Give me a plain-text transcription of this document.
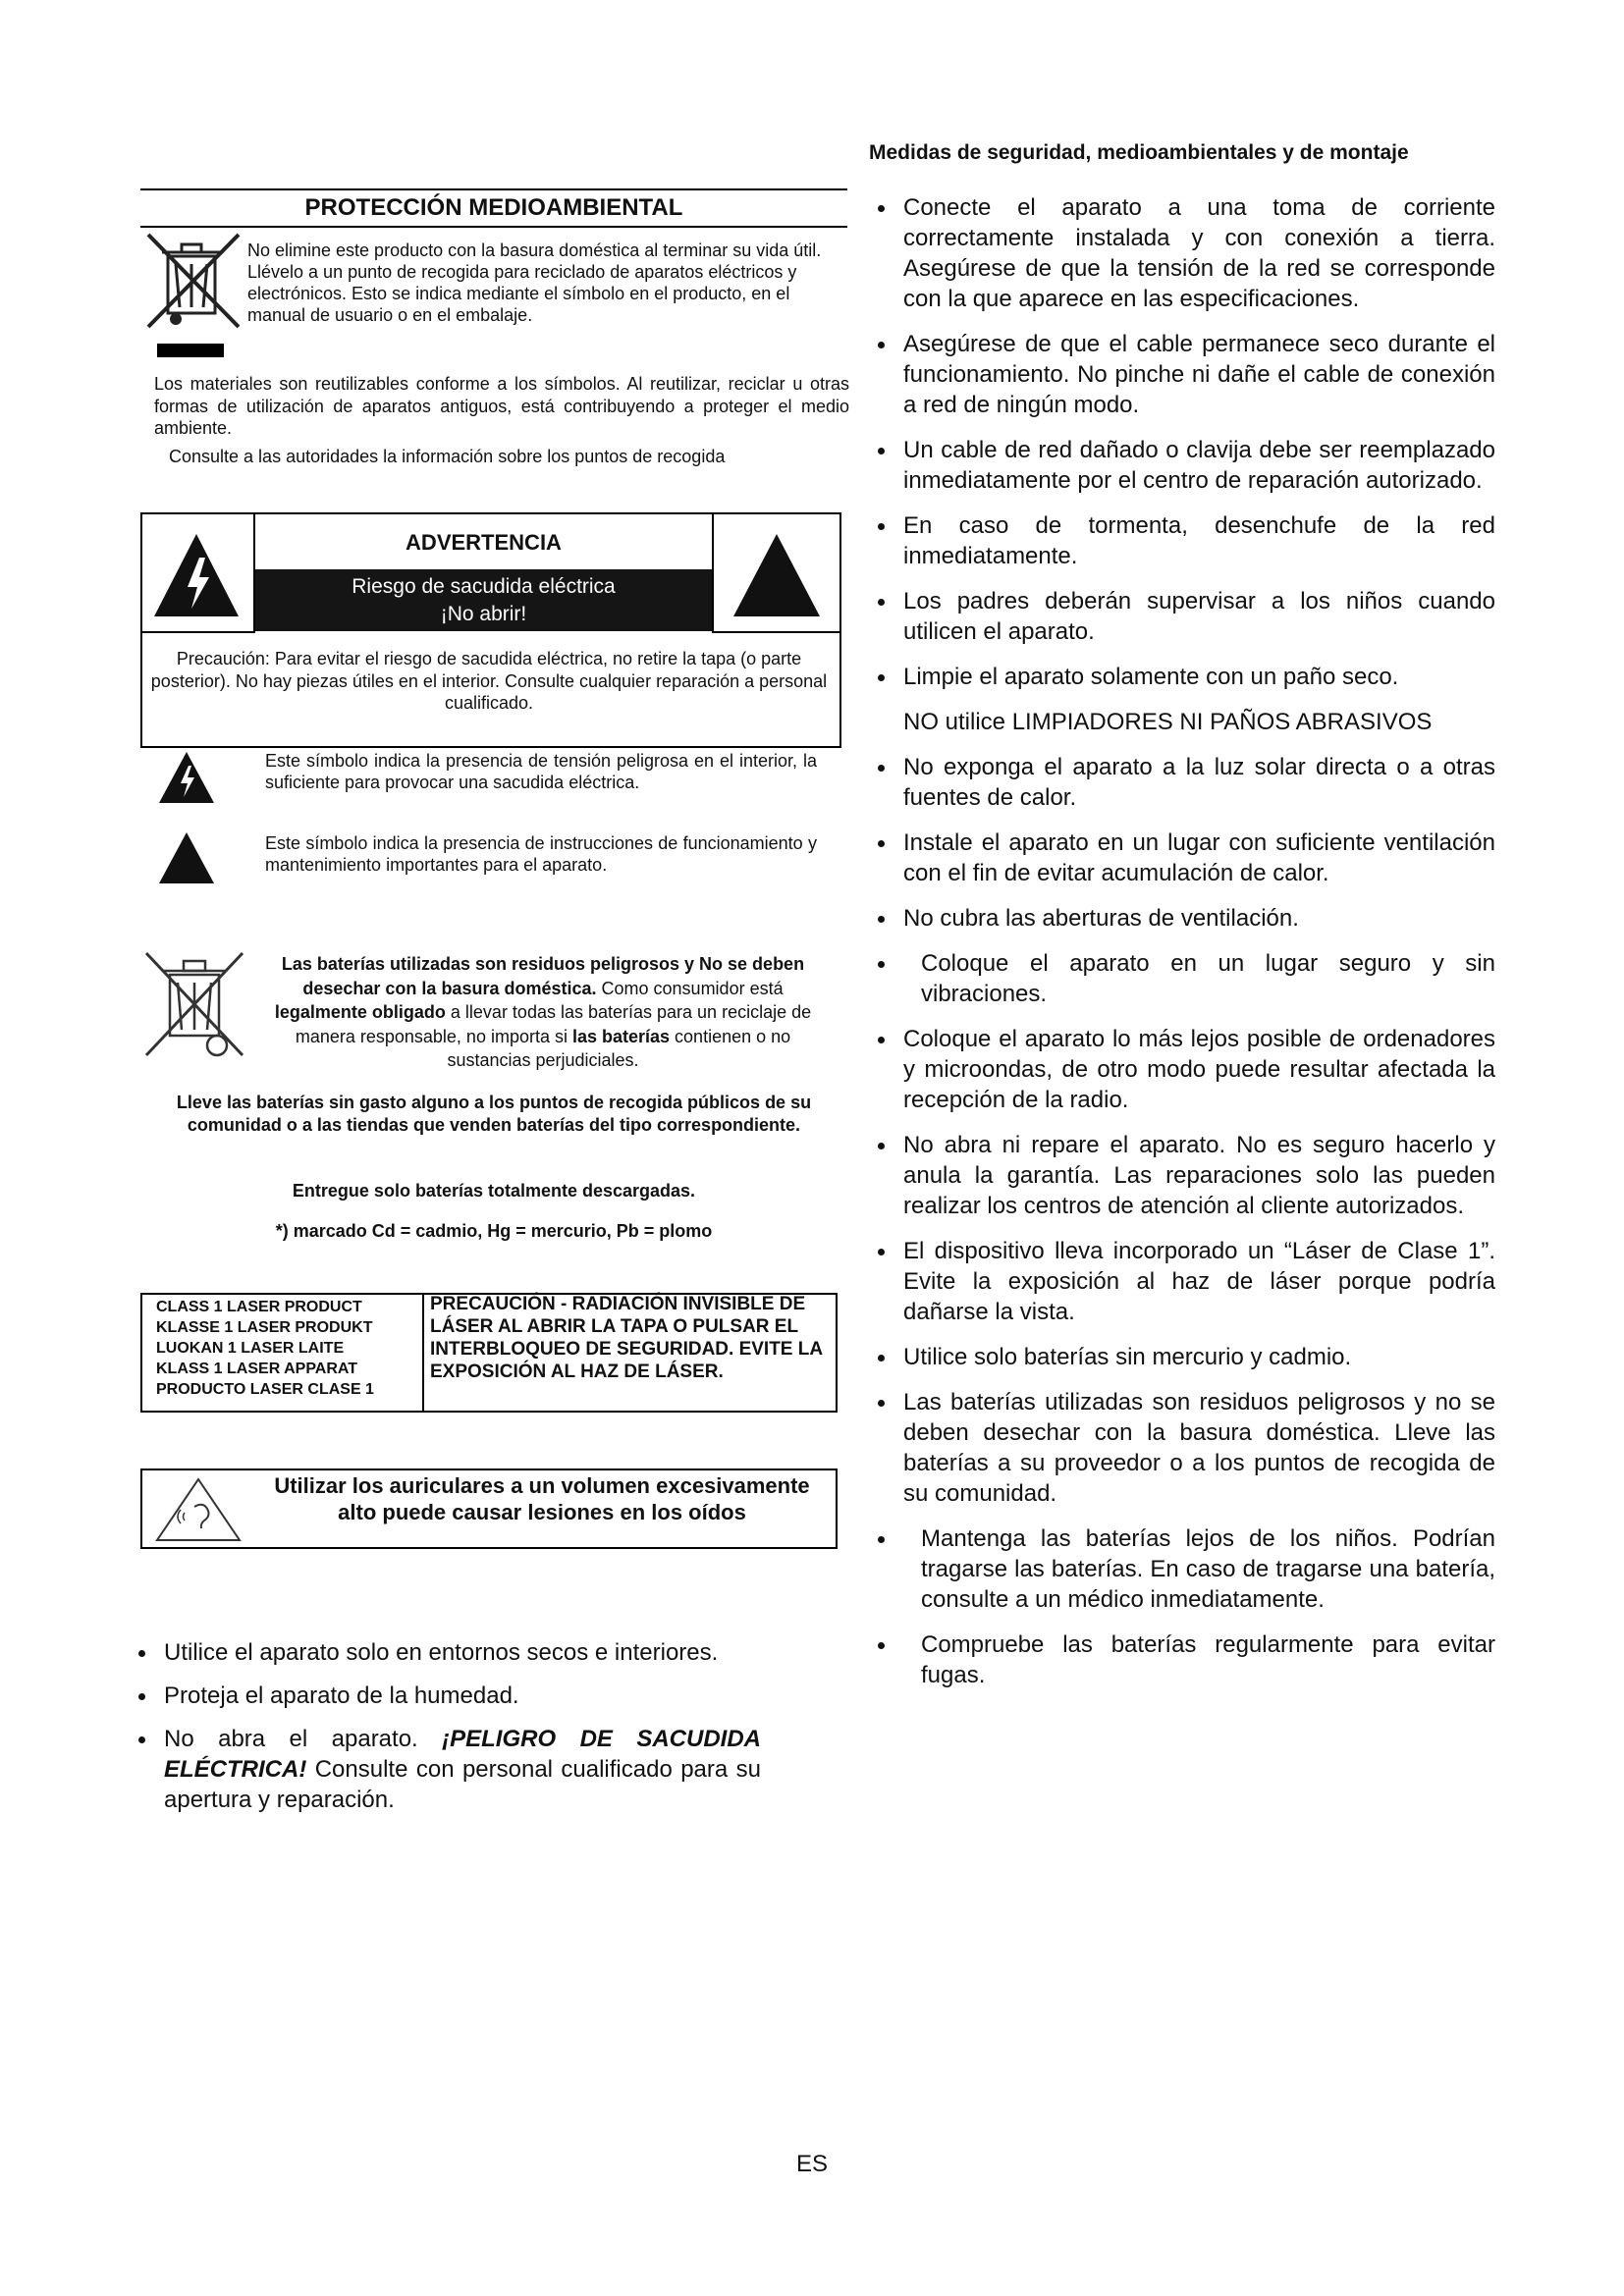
PROTECCIÓN MEDIOAMBIENTAL
No elimine este producto con la basura doméstica al terminar su vida útil. Llévelo a un punto de recogida para reciclado de aparatos eléctricos y electrónicos. Esto se indica mediante el símbolo en el producto, en el manual de usuario o en el embalaje.
Los materiales son reutilizables conforme a los símbolos. Al reutilizar, reciclar u otras formas de utilización de aparatos antiguos, está contribuyendo a proteger el medio ambiente.
Consulte a las autoridades la información sobre los puntos de recogida
ADVERTENCIA
Riesgo de sacudida eléctrica
¡No abrir!
Precaución: Para evitar el riesgo de sacudida eléctrica, no retire la tapa (o parte posterior). No hay piezas útiles en el interior. Consulte cualquier reparación a personal cualificado.
Este símbolo indica la presencia de tensión peligrosa en el interior, la suficiente para provocar una sacudida eléctrica.
Este símbolo indica la presencia de instrucciones de funcionamiento y mantenimiento importantes para el aparato.
Las baterías utilizadas son residuos peligrosos y No se deben desechar con la basura doméstica. Como consumidor está legalmente obligado a llevar todas las baterías para un reciclaje de manera responsable, no importa si las baterías contienen o no sustancias perjudiciales.
Lleve las baterías sin gasto alguno a los puntos de recogida públicos de su comunidad o a las tiendas que venden baterías del tipo correspondiente.
Entregue solo baterías totalmente descargadas.
*) marcado Cd = cadmio, Hg = mercurio, Pb = plomo
CLASS 1 LASER PRODUCT
KLASSE 1 LASER PRODUKT
LUOKAN 1 LASER LAITE
KLASS 1 LASER APPARAT
PRODUCTO LASER CLASE 1
PRECAUCIÓN - RADIACIÓN INVISIBLE DE LÁSER AL ABRIR LA TAPA O PULSAR EL INTERBLOQUEO DE SEGURIDAD. EVITE LA EXPOSICIÓN AL HAZ DE LÁSER.
Utilizar los auriculares a un volumen excesivamente alto puede causar lesiones en los oídos
Utilice el aparato solo en entornos secos e interiores.
Proteja el aparato de la humedad.
No abra el aparato. ¡PELIGRO DE SACUDIDA ELÉCTRICA! Consulte con personal cualificado para su apertura y reparación.
Medidas de seguridad, medioambientales y de montaje
Conecte el aparato a una toma de corriente correctamente instalada y con conexión a tierra. Asegúrese de que la tensión de la red se corresponde con la que aparece en las especificaciones.
Asegúrese de que el cable permanece seco durante el funcionamiento. No pinche ni dañe el cable de conexión a red de ningún modo.
Un cable de red dañado o clavija debe ser reemplazado inmediatamente por el centro de reparación autorizado.
En caso de tormenta, desenchufe de la red inmediatamente.
Los padres deberán supervisar a los niños cuando utilicen el aparato.
Limpie el aparato solamente con un paño seco.
NO utilice LIMPIADORES NI PAÑOS ABRASIVOS
No exponga el aparato a la luz solar directa o a otras fuentes de calor.
Instale el aparato en un lugar con suficiente ventilación con el fin de evitar acumulación de calor.
No cubra las aberturas de ventilación.
Coloque el aparato en un lugar seguro y sin vibraciones.
Coloque el aparato lo más lejos posible de ordenadores y microondas, de otro modo puede resultar afectada la recepción de la radio.
No abra ni repare el aparato. No es seguro hacerlo y anula la garantía. Las reparaciones solo las pueden realizar los centros de atención al cliente autorizados.
El dispositivo lleva incorporado un “Láser de Clase 1”. Evite la exposición al haz de láser porque podría dañarse la vista.
Utilice solo baterías sin mercurio y cadmio.
Las baterías utilizadas son residuos peligrosos y no se deben desechar con la basura doméstica. Lleve las baterías a su proveedor o a los puntos de recogida de su comunidad.
Mantenga las baterías lejos de los niños. Podrían tragarse las baterías. En caso de tragarse una batería, consulte a un médico inmediatamente.
Compruebe las baterías regularmente para evitar fugas.
ES
